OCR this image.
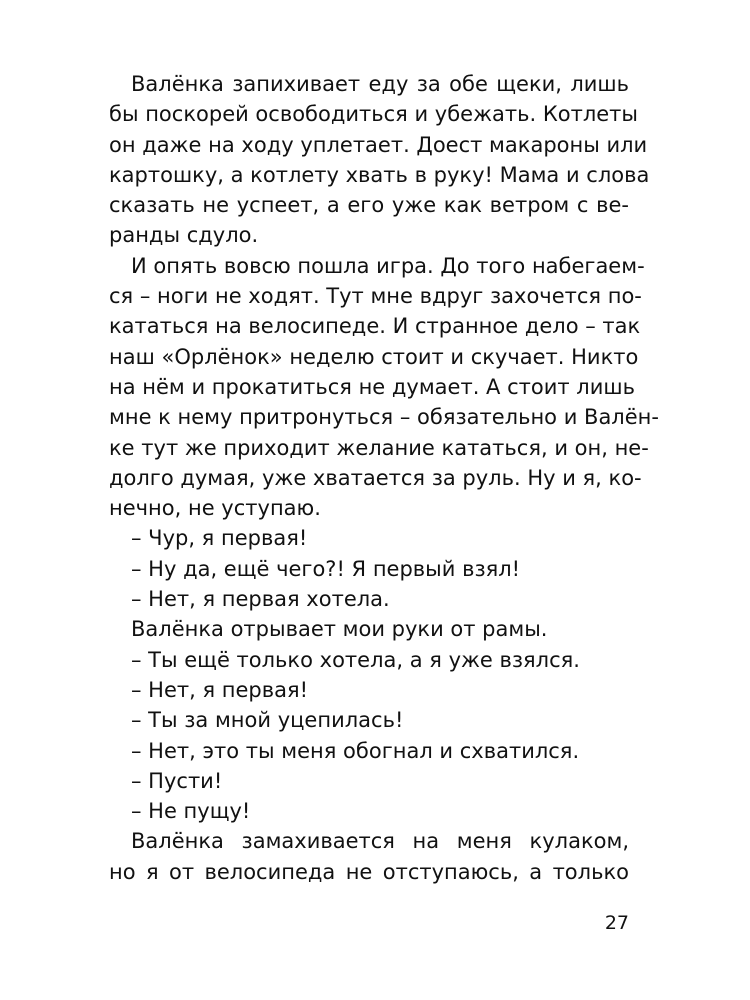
Валёнка запихивает еду за обе щеки, лишь
бы поскорей освободиться и убежать. Котлеты
он даже на ходу уплетает. Доест макароны или
картошку, а котлету хвать в руку! Мама и слова
сказать не успеет, а его уже как ветром с ве-
ранды сдуло.
И опять вовсю пошла игра. До того набегаем-
ся – ноги не ходят. Тут мне вдруг захочется по-
кататься на велосипеде. И странное дело – так
наш «Орлёнок» неделю стоит и скучает. Никто
на нём и прокатиться не думает. А стоит лишь
мне к нему притронуться – обязательно и Валён-
ке тут же приходит желание кататься, и он, не-
долго думая, уже хватается за руль. Ну и я, ко-
нечно, не уступаю.
– Чур, я первая!
– Ну да, ещё чего?! Я первый взял!
– Нет, я первая хотела.
Валёнка отрывает мои руки от рамы.
– Ты ещё только хотела, а я уже взялся.
– Нет, я первая!
– Ты за мной уцепилась!
– Нет, это ты меня обогнал и схватился.
– Пусти!
– Не пущу!
Валёнка замахивается на меня кулаком,
но я от велосипеда не отступаюсь, а только
27
